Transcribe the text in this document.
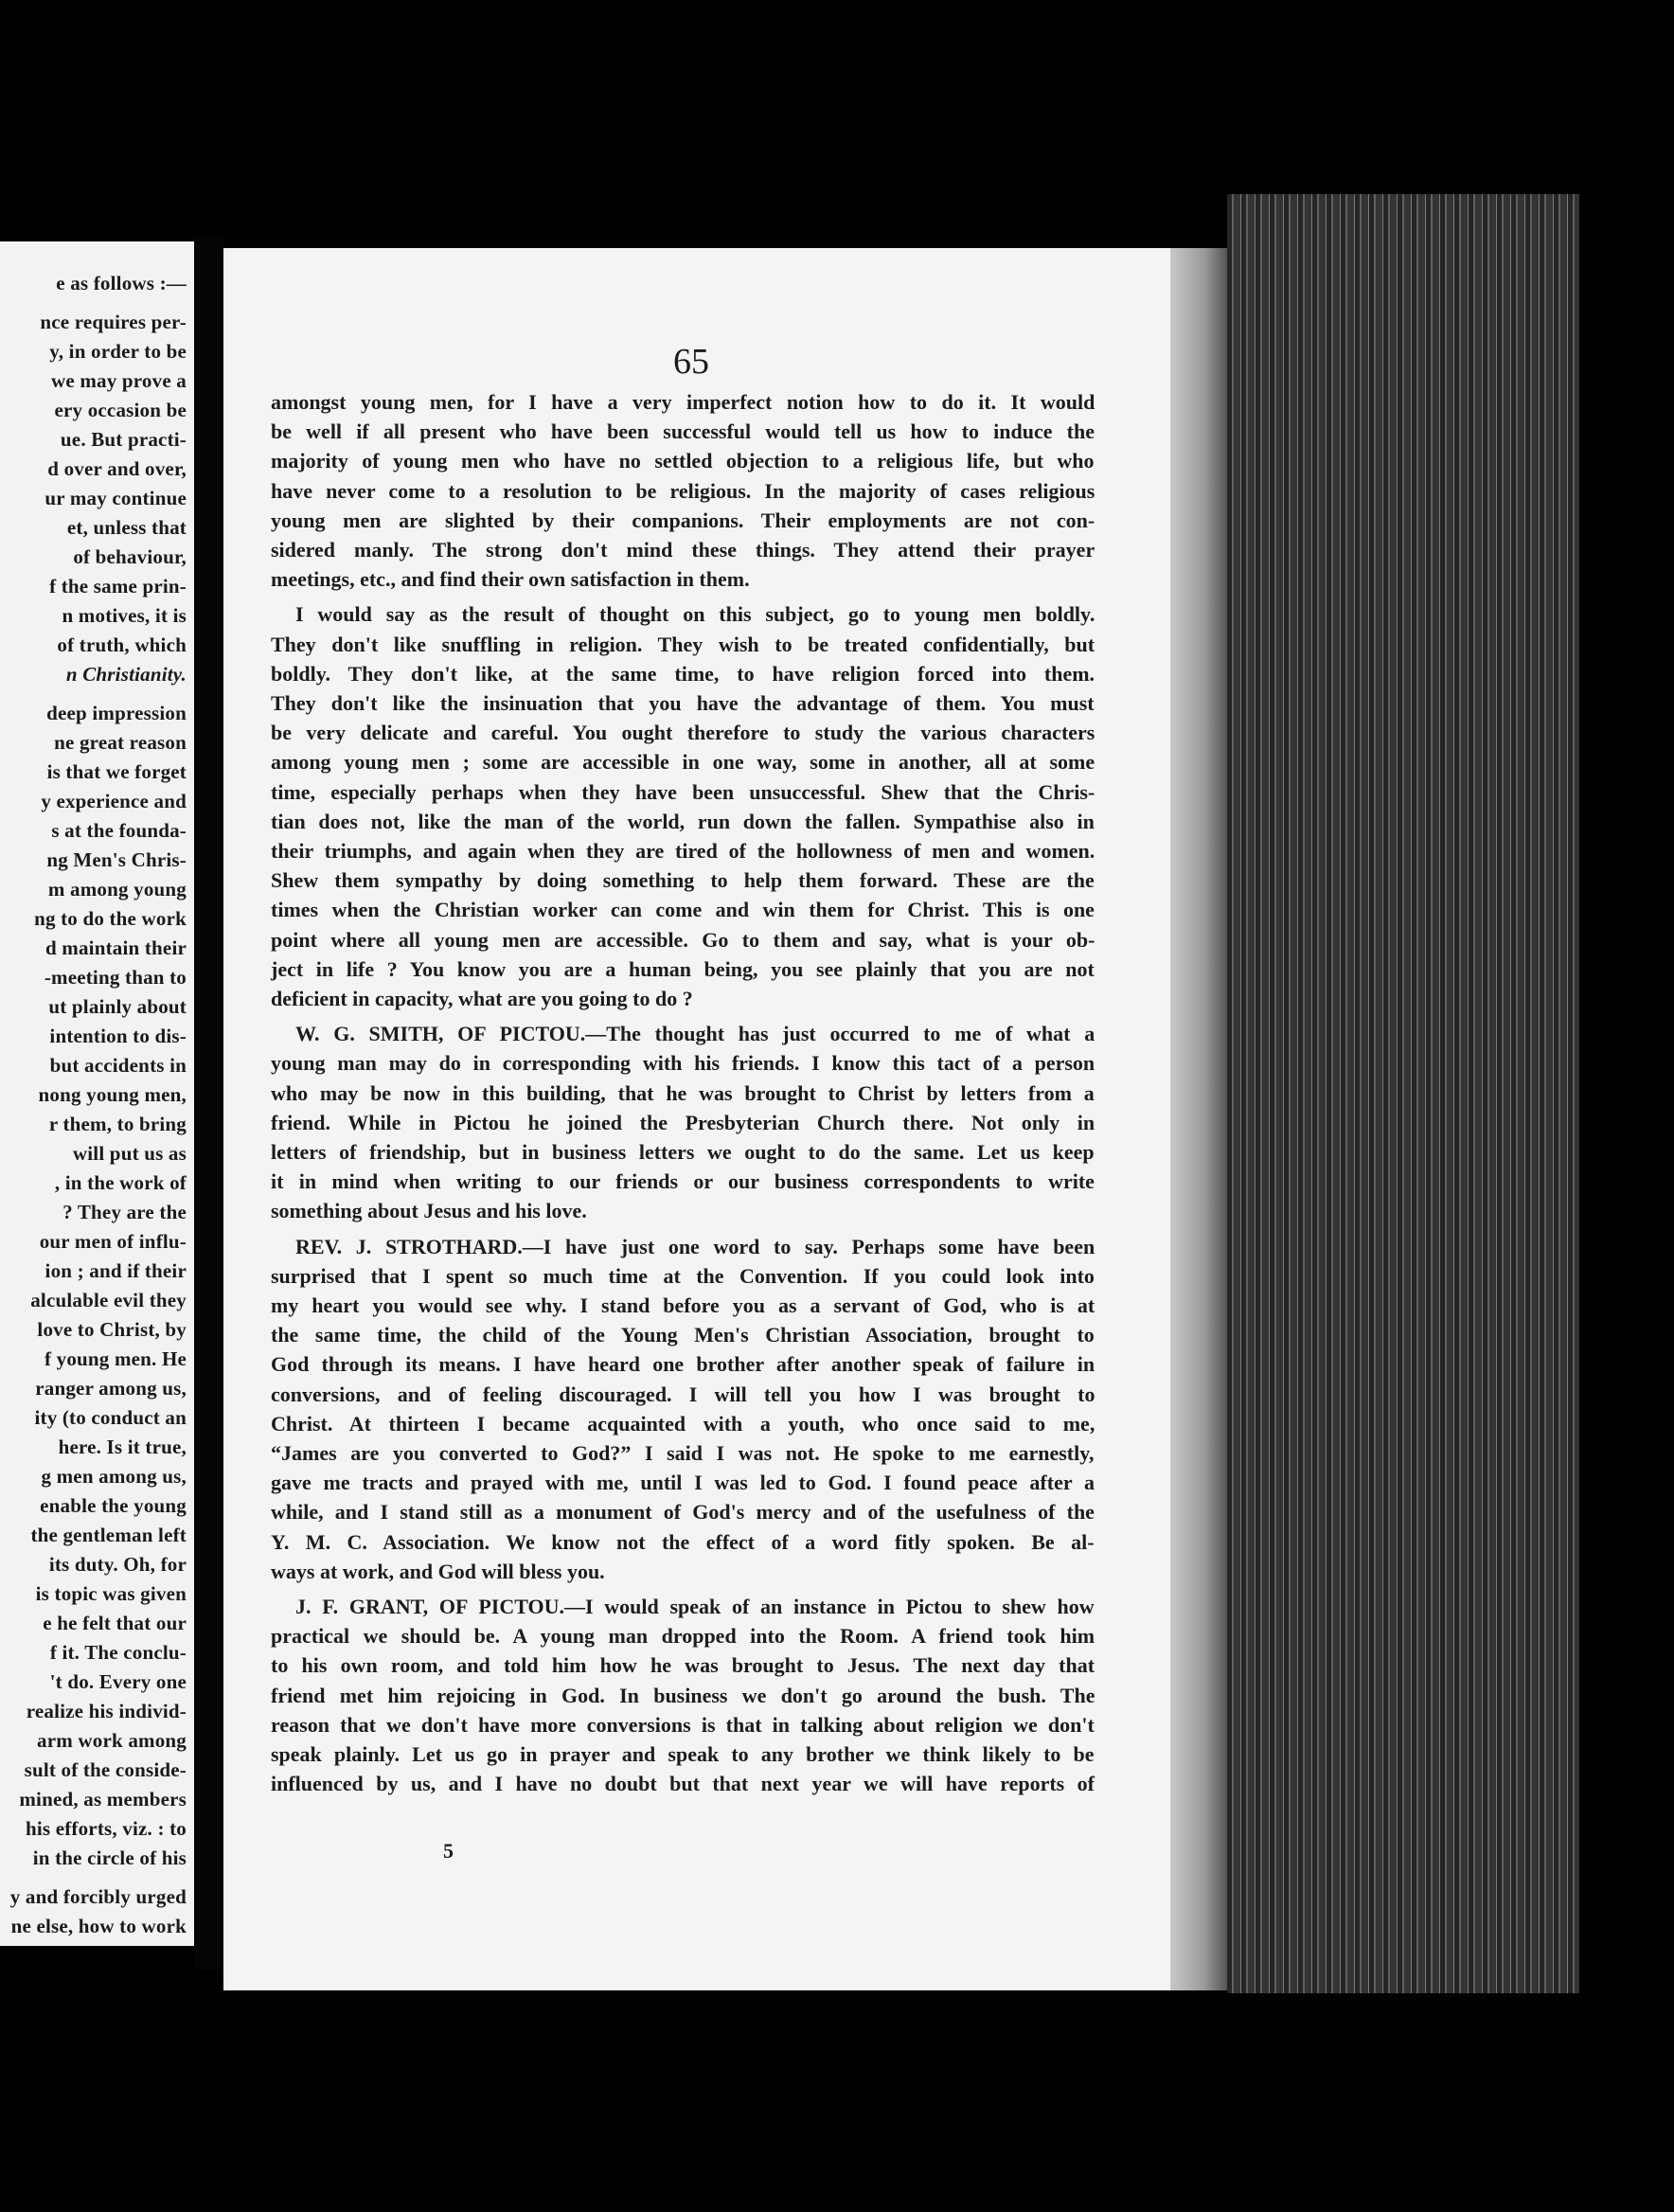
e as follows :—
nce requires per-
y, in order to be
we may prove a
ery occasion be
ue. But practi-
d over and over,
ur may continue
et, unless that
of behaviour,
f the same prin-
n motives, it is
of truth, which
n Christianity.
deep impression
ne great reason
is that we forget
y experience and
s at the founda-
ng Men's Chris-
m among young
ng to do the work
d maintain their
-meeting than to
ut plainly about
intention to dis-
but accidents in
nong young men,
r them, to bring
will put us as
, in the work of
? They are the
our men of influ-
ion ; and if their
alculable evil they
love to Christ, by
f young men. He
ranger among us,
ity (to conduct an
here. Is it true,
g men among us,
enable the young
the gentleman left
its duty. Oh, for
is topic was given
e he felt that our
f it. The conclu-
't do. Every one
realize his individ-
arm work among
sult of the conside-
mined, as members
his efforts, viz. : to
in the circle of his
y and forcibly urged
ne else, how to work
65
amongst young men, for I have a very imperfect notion how to do it. It would
be well if all present who have been successful would tell us how to induce the
majority of young men who have no settled objection to a religious life, but who
have never come to a resolution to be religious. In the majority of cases religious
young men are slighted by their companions. Their employments are not con-
sidered manly. The strong don't mind these things. They attend their prayer
meetings, etc., and find their own satisfaction in them.
I would say as the result of thought on this subject, go to young men boldly.
They don't like snuffling in religion. They wish to be treated confidentially, but
boldly. They don't like, at the same time, to have religion forced into them.
They don't like the insinuation that you have the advantage of them. You must
be very delicate and careful. You ought therefore to study the various characters
among young men ; some are accessible in one way, some in another, all at some
time, especially perhaps when they have been unsuccessful. Shew that the Chris-
tian does not, like the man of the world, run down the fallen. Sympathise also in
their triumphs, and again when they are tired of the hollowness of men and women.
Shew them sympathy by doing something to help them forward. These are the
times when the Christian worker can come and win them for Christ. This is one
point where all young men are accessible. Go to them and say, what is your ob-
ject in life ? You know you are a human being, you see plainly that you are not
deficient in capacity, what are you going to do ?
W. G. SMITH, OF PICTOU.—The thought has just occurred to me of what a
young man may do in corresponding with his friends. I know this tact of a person
who may be now in this building, that he was brought to Christ by letters from a
friend. While in Pictou he joined the Presbyterian Church there. Not only in
letters of friendship, but in business letters we ought to do the same. Let us keep
it in mind when writing to our friends or our business correspondents to write
something about Jesus and his love.
REV. J. STROTHARD.—I have just one word to say. Perhaps some have been
surprised that I spent so much time at the Convention. If you could look into
my heart you would see why. I stand before you as a servant of God, who is at
the same time, the child of the Young Men's Christian Association, brought to
God through its means. I have heard one brother after another speak of failure in
conversions, and of feeling discouraged. I will tell you how I was brought to
Christ. At thirteen I became acquainted with a youth, who once said to me,
“James are you converted to God?” I said I was not. He spoke to me earnestly,
gave me tracts and prayed with me, until I was led to God. I found peace after a
while, and I stand still as a monument of God's mercy and of the usefulness of the
Y. M. C. Association. We know not the effect of a word fitly spoken. Be al-
ways at work, and God will bless you.
J. F. GRANT, OF PICTOU.—I would speak of an instance in Pictou to shew how
practical we should be. A young man dropped into the Room. A friend took him
to his own room, and told him how he was brought to Jesus. The next day that
friend met him rejoicing in God. In business we don't go around the bush. The
reason that we don't have more conversions is that in talking about religion we don't
speak plainly. Let us go in prayer and speak to any brother we think likely to be
influenced by us, and I have no doubt but that next year we will have reports of
5
